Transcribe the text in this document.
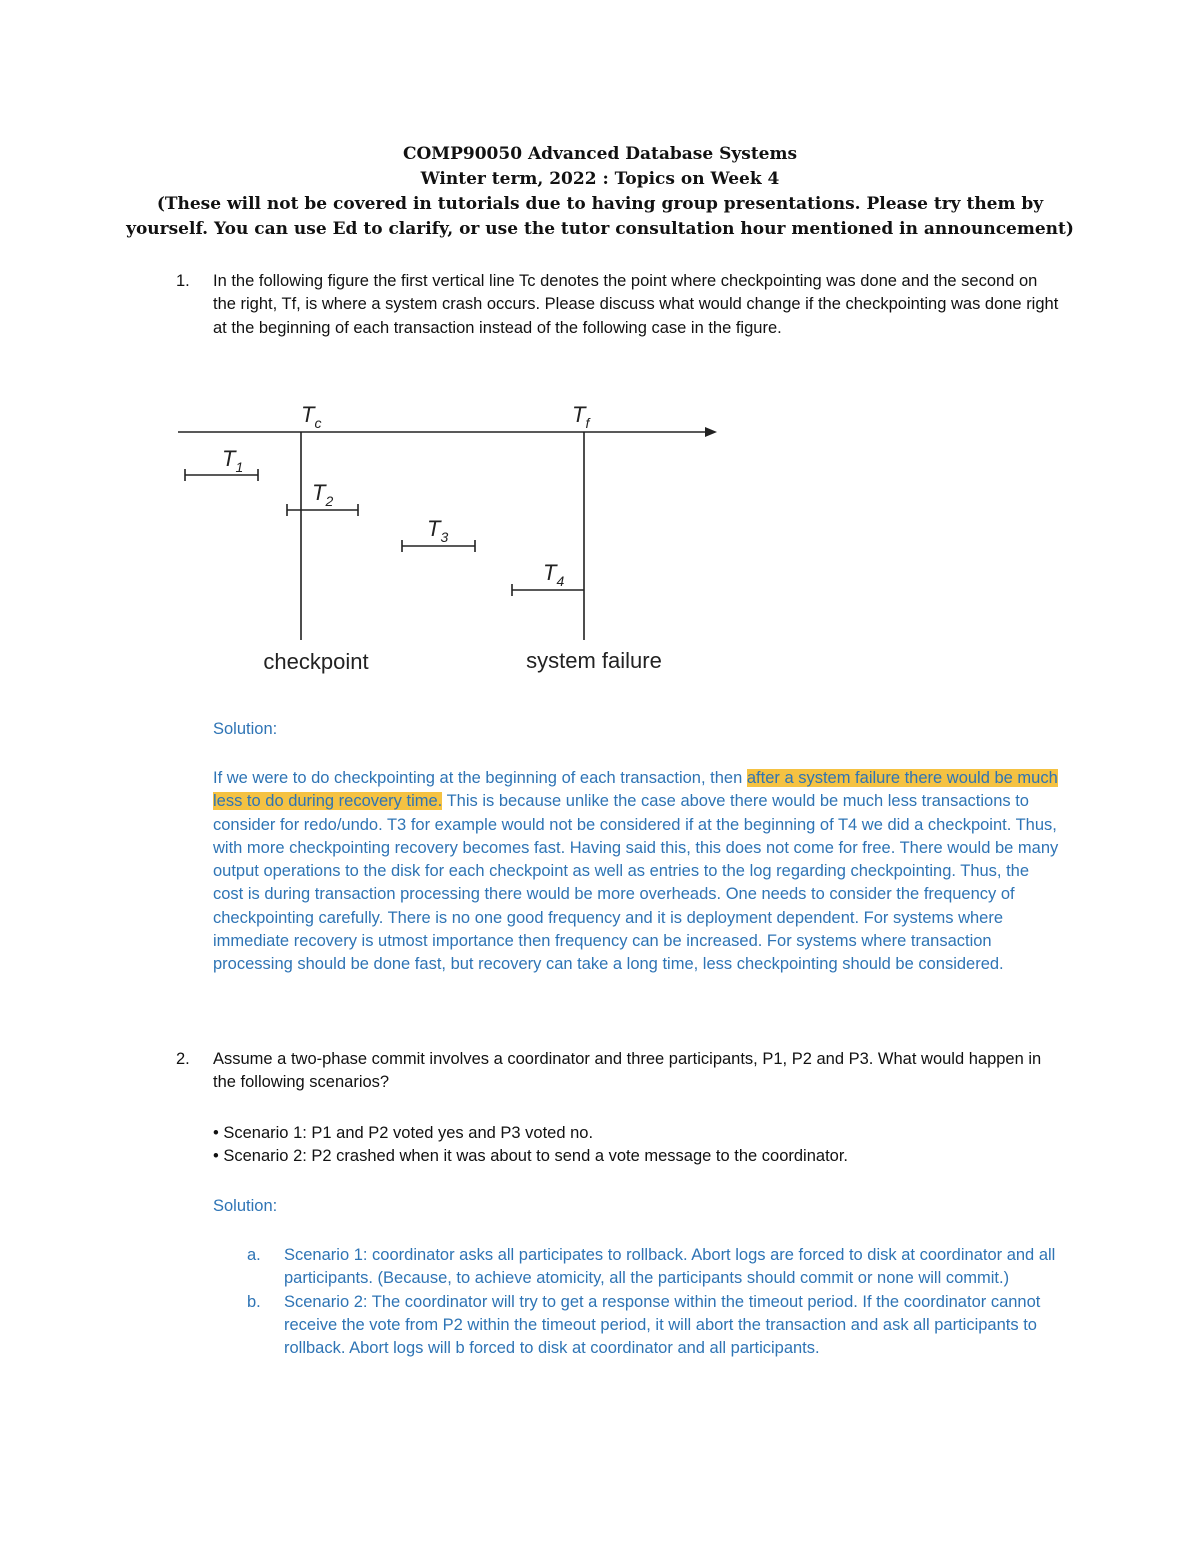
COMP90050 Advanced Database Systems
Winter term, 2022 : Topics on Week 4
(These will not be covered in tutorials due to having group presentations. Please try them by
yourself. You can use Ed to clarify, or use the tutor consultation hour mentioned in announcement)
1. In the following figure the first vertical line Tc denotes the point where checkpointing was done and the second on the right, Tf, is where a system crash occurs. Please discuss what would change if the checkpointing was done right at the beginning of each transaction instead of the following case in the figure.
$T_c$	$T_f$
$T_1$
$T_2$
$T_3$
$T_4$
checkpoint	system failure
Solution:
If we were to do checkpointing at the beginning of each transaction, then after a system failure there would be much less to do during recovery time. This is because unlike the case above there would be much less transactions to consider for redo/undo. T3 for example would not be considered if at the beginning of T4 we did a checkpoint. Thus, with more checkpointing recovery becomes fast. Having said this, this does not come for free. There would be many output operations to the disk for each checkpoint as well as entries to the log regarding checkpointing. Thus, the cost is during transaction processing there would be more overheads. One needs to consider the frequency of checkpointing carefully. There is no one good frequency and it is deployment dependent. For systems where immediate recovery is utmost importance then frequency can be increased. For systems where transaction processing should be done fast, but recovery can take a long time, less checkpointing should be considered.
2. Assume a two-phase commit involves a coordinator and three participants, P1, P2 and P3. What would happen in the following scenarios?
• Scenario 1: P1 and P2 voted yes and P3 voted no.
• Scenario 2: P2 crashed when it was about to send a vote message to the coordinator.
Solution:
a. Scenario 1: coordinator asks all participates to rollback. Abort logs are forced to disk at coordinator and all participants. (Because, to achieve atomicity, all the participants should commit or none will commit.)
b. Scenario 2: The coordinator will try to get a response within the timeout period. If the coordinator cannot receive the vote from P2 within the timeout period, it will abort the transaction and ask all participants to rollback. Abort logs will b forced to disk at coordinator and all participants.
